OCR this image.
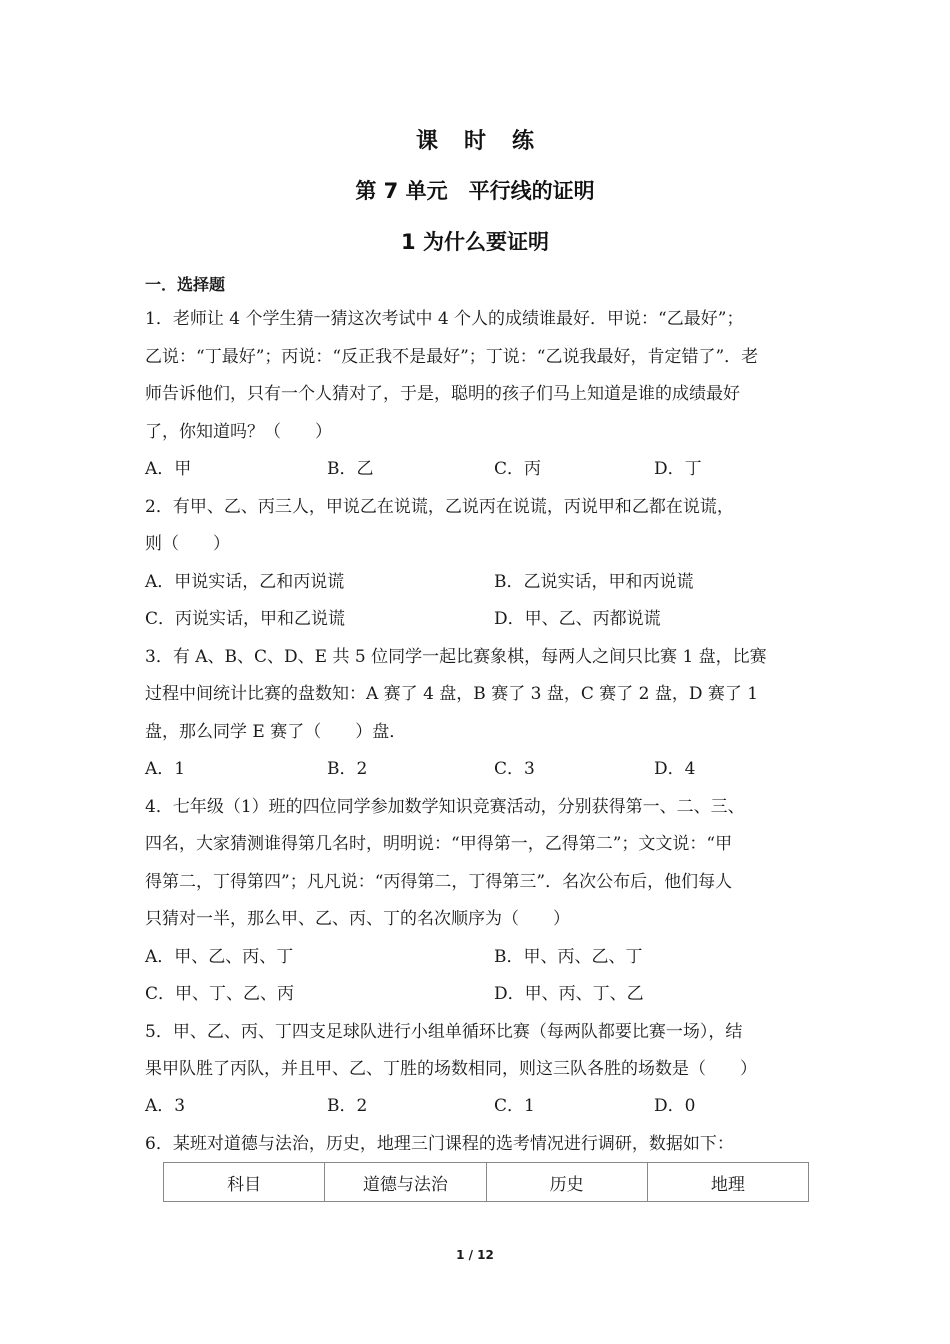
课时练
第 7 单元　平行线的证明
1 为什么要证明
一．选择题
1．老师让 4 个学生猜一猜这次考试中 4 个人的成绩谁最好．甲说：“乙最好”；
乙说：“丁最好”；丙说：“反正我不是最好”；丁说：“乙说我最好，肯定错了”．老
师告诉他们，只有一个人猜对了，于是，聪明的孩子们马上知道是谁的成绩最好
了，你知道吗？（　　）
A．甲	B．乙	C．丙	D．丁
2．有甲、乙、丙三人，甲说乙在说谎，乙说丙在说谎，丙说甲和乙都在说谎，
则（　　）
A．甲说实话，乙和丙说谎	B．乙说实话，甲和丙说谎
C．丙说实话，甲和乙说谎	D．甲、乙、丙都说谎
3．有 A、B、C、D、E 共 5 位同学一起比赛象棋，每两人之间只比赛 1 盘，比赛
过程中间统计比赛的盘数知：A 赛了 4 盘，B 赛了 3 盘，C 赛了 2 盘，D 赛了 1
盘，那么同学 E 赛了（　　）盘．
A．1	B．2	C．3	D．4
4．七年级（1）班的四位同学参加数学知识竞赛活动，分别获得第一、二、三、
四名，大家猜测谁得第几名时，明明说：“甲得第一，乙得第二”；文文说：“甲
得第二，丁得第四”；凡凡说：“丙得第二，丁得第三”．名次公布后，他们每人
只猜对一半，那么甲、乙、丙、丁的名次顺序为（　　）
A．甲、乙、丙、丁	B．甲、丙、乙、丁
C．甲、丁、乙、丙	D．甲、丙、丁、乙
5．甲、乙、丙、丁四支足球队进行小组单循环比赛（每两队都要比赛一场），结
果甲队胜了丙队，并且甲、乙、丁胜的场数相同，则这三队各胜的场数是（　　）
A．3	B．2	C．1	D．0
6．某班对道德与法治，历史，地理三门课程的选考情况进行调研，数据如下：
科目	道德与法治	历史	地理
1 / 12
